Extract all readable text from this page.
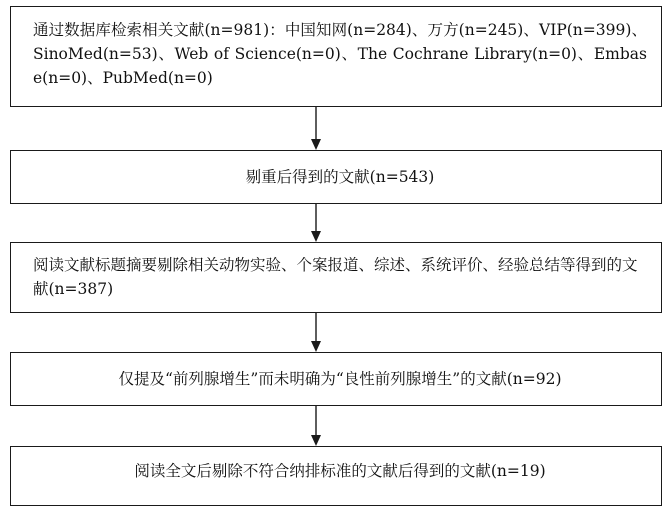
通过数据库检索相关文献(n=981)：中国知网(n=284)、万方(n=245)、VIP(n=399)、SinoMed(n=53)、Web of Science(n=0)、The Cochrane Library(n=0)、Embase(n=0)、PubMed(n=0)
剔重后得到的文献(n=543)
阅读文献标题摘要剔除相关动物实验、个案报道、综述、系统评价、经验总结等得到的文献(n=387)
仅提及“前列腺增生”而未明确为“良性前列腺增生”的文献(n=92)
阅读全文后剔除不符合纳排标准的文献后得到的文献(n=19)
